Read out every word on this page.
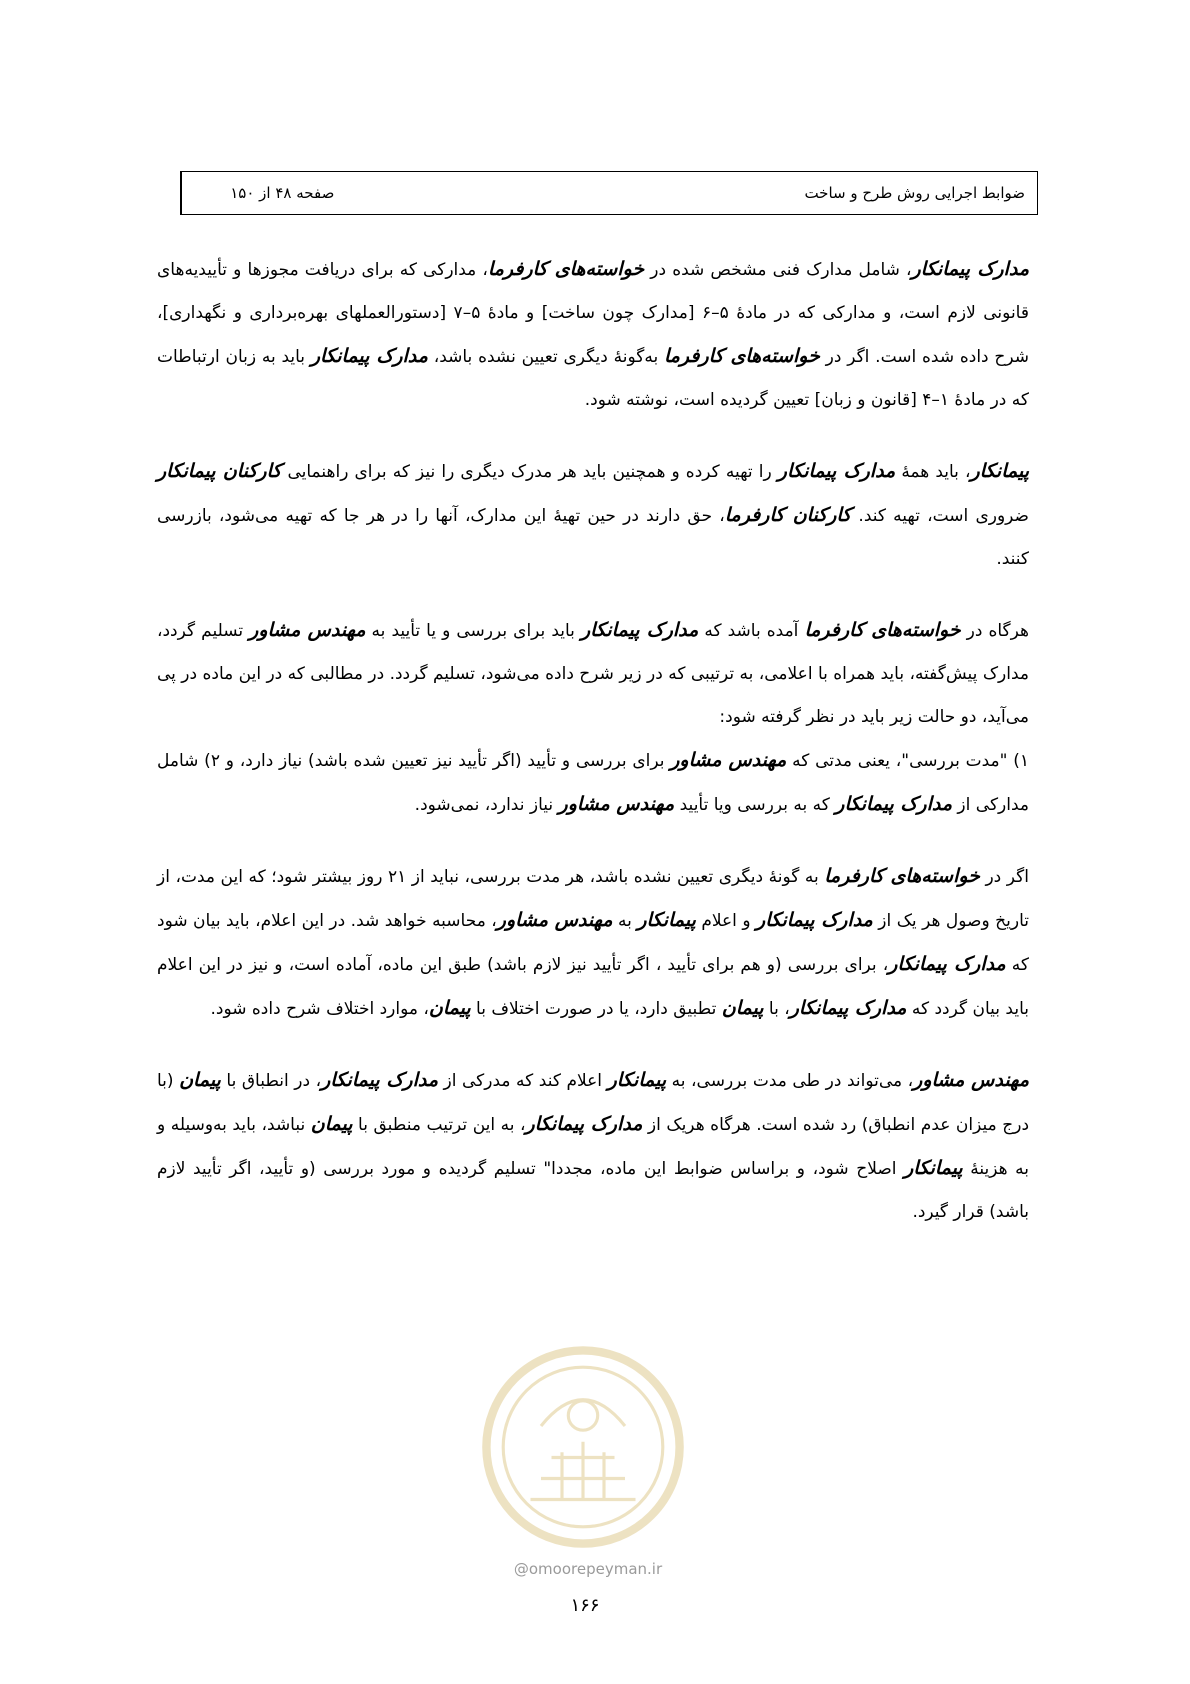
ضوابط اجرایی روش طرح و ساخت
صفحه ۴۸ از ۱۵۰

مدارک پیمانکار، شامل مدارک فنی مشخص شده در خواسته‌های کارفرما، مدارکی که برای دریافت مجوزها و تأییدیه‌های قانونی لازم است، و مدارکی که در مادهٔ ۵–۶ [مدارک چون ساخت] و مادهٔ ۵–۷ [دستورالعملهای بهره‌برداری و نگهداری]، شرح داده شده است. اگر در خواسته‌های کارفرما به‌گونهٔ دیگری تعیین نشده باشد، مدارک پیمانکار باید به زبان ارتباطات که در مادهٔ ۱–۴ [قانون و زبان] تعیین گردیده است، نوشته شود.

پیمانکار، باید همهٔ مدارک پیمانکار را تهیه کرده و همچنین باید هر مدرک دیگری را نیز که برای راهنمایی کارکنان پیمانکار ضروری است، تهیه کند. کارکنان کارفرما، حق دارند در حین تهیهٔ این مدارک، آنها را در هر جا که تهیه می‌شود، بازرسی کنند.

هرگاه در خواسته‌های کارفرما آمده باشد که مدارک پیمانکار باید برای بررسی و یا تأیید به مهندس مشاور تسلیم گردد، مدارک پیش‌گفته، باید همراه با اعلامی، به ترتیبی که در زیر شرح داده می‌شود، تسلیم گردد. در مطالبی که در این ماده در پی می‌آید، دو حالت زیر باید در نظر گرفته شود:

۱) "مدت بررسی"، یعنی مدتی که مهندس مشاور برای بررسی و تأیید (اگر تأیید نیز تعیین شده باشد) نیاز دارد، و ۲) شامل مدارکی از مدارک پیمانکار که به بررسی ویا تأیید مهندس مشاور نیاز ندارد، نمی‌شود.

اگر در خواسته‌های کارفرما به گونهٔ دیگری تعیین نشده باشد، هر مدت بررسی، نباید از ۲۱ روز بیشتر شود؛ که این مدت، از تاریخ وصول هر یک از مدارک پیمانکار و اعلام پیمانکار به مهندس مشاور، محاسبه خواهد شد. در این اعلام، باید بیان شود که مدارک پیمانکار، برای بررسی (و هم برای تأیید ، اگر تأیید نیز لازم باشد) طبق این ماده، آماده است، و نیز در این اعلام باید بیان گردد که مدارک پیمانکار، با پیمان تطبیق دارد، یا در صورت اختلاف با پیمان، موارد اختلاف شرح داده شود.

مهندس مشاور، می‌تواند در طی مدت بررسی، به پیمانکار اعلام کند که مدرکی از مدارک پیمانکار، در انطباق با پیمان (با درج میزان عدم انطباق) رد شده است. هرگاه هریک از مدارک پیمانکار، به این ترتیب منطبق با پیمان نباشد، باید به‌وسیله و به هزینهٔ پیمانکار اصلاح شود، و براساس ضوابط این ماده، مجددا" تسلیم گردیده و مورد بررسی (و تأیید، اگر تأیید لازم باشد) قرار گیرد.

@omoorepeyman.ir
۱۶۶
